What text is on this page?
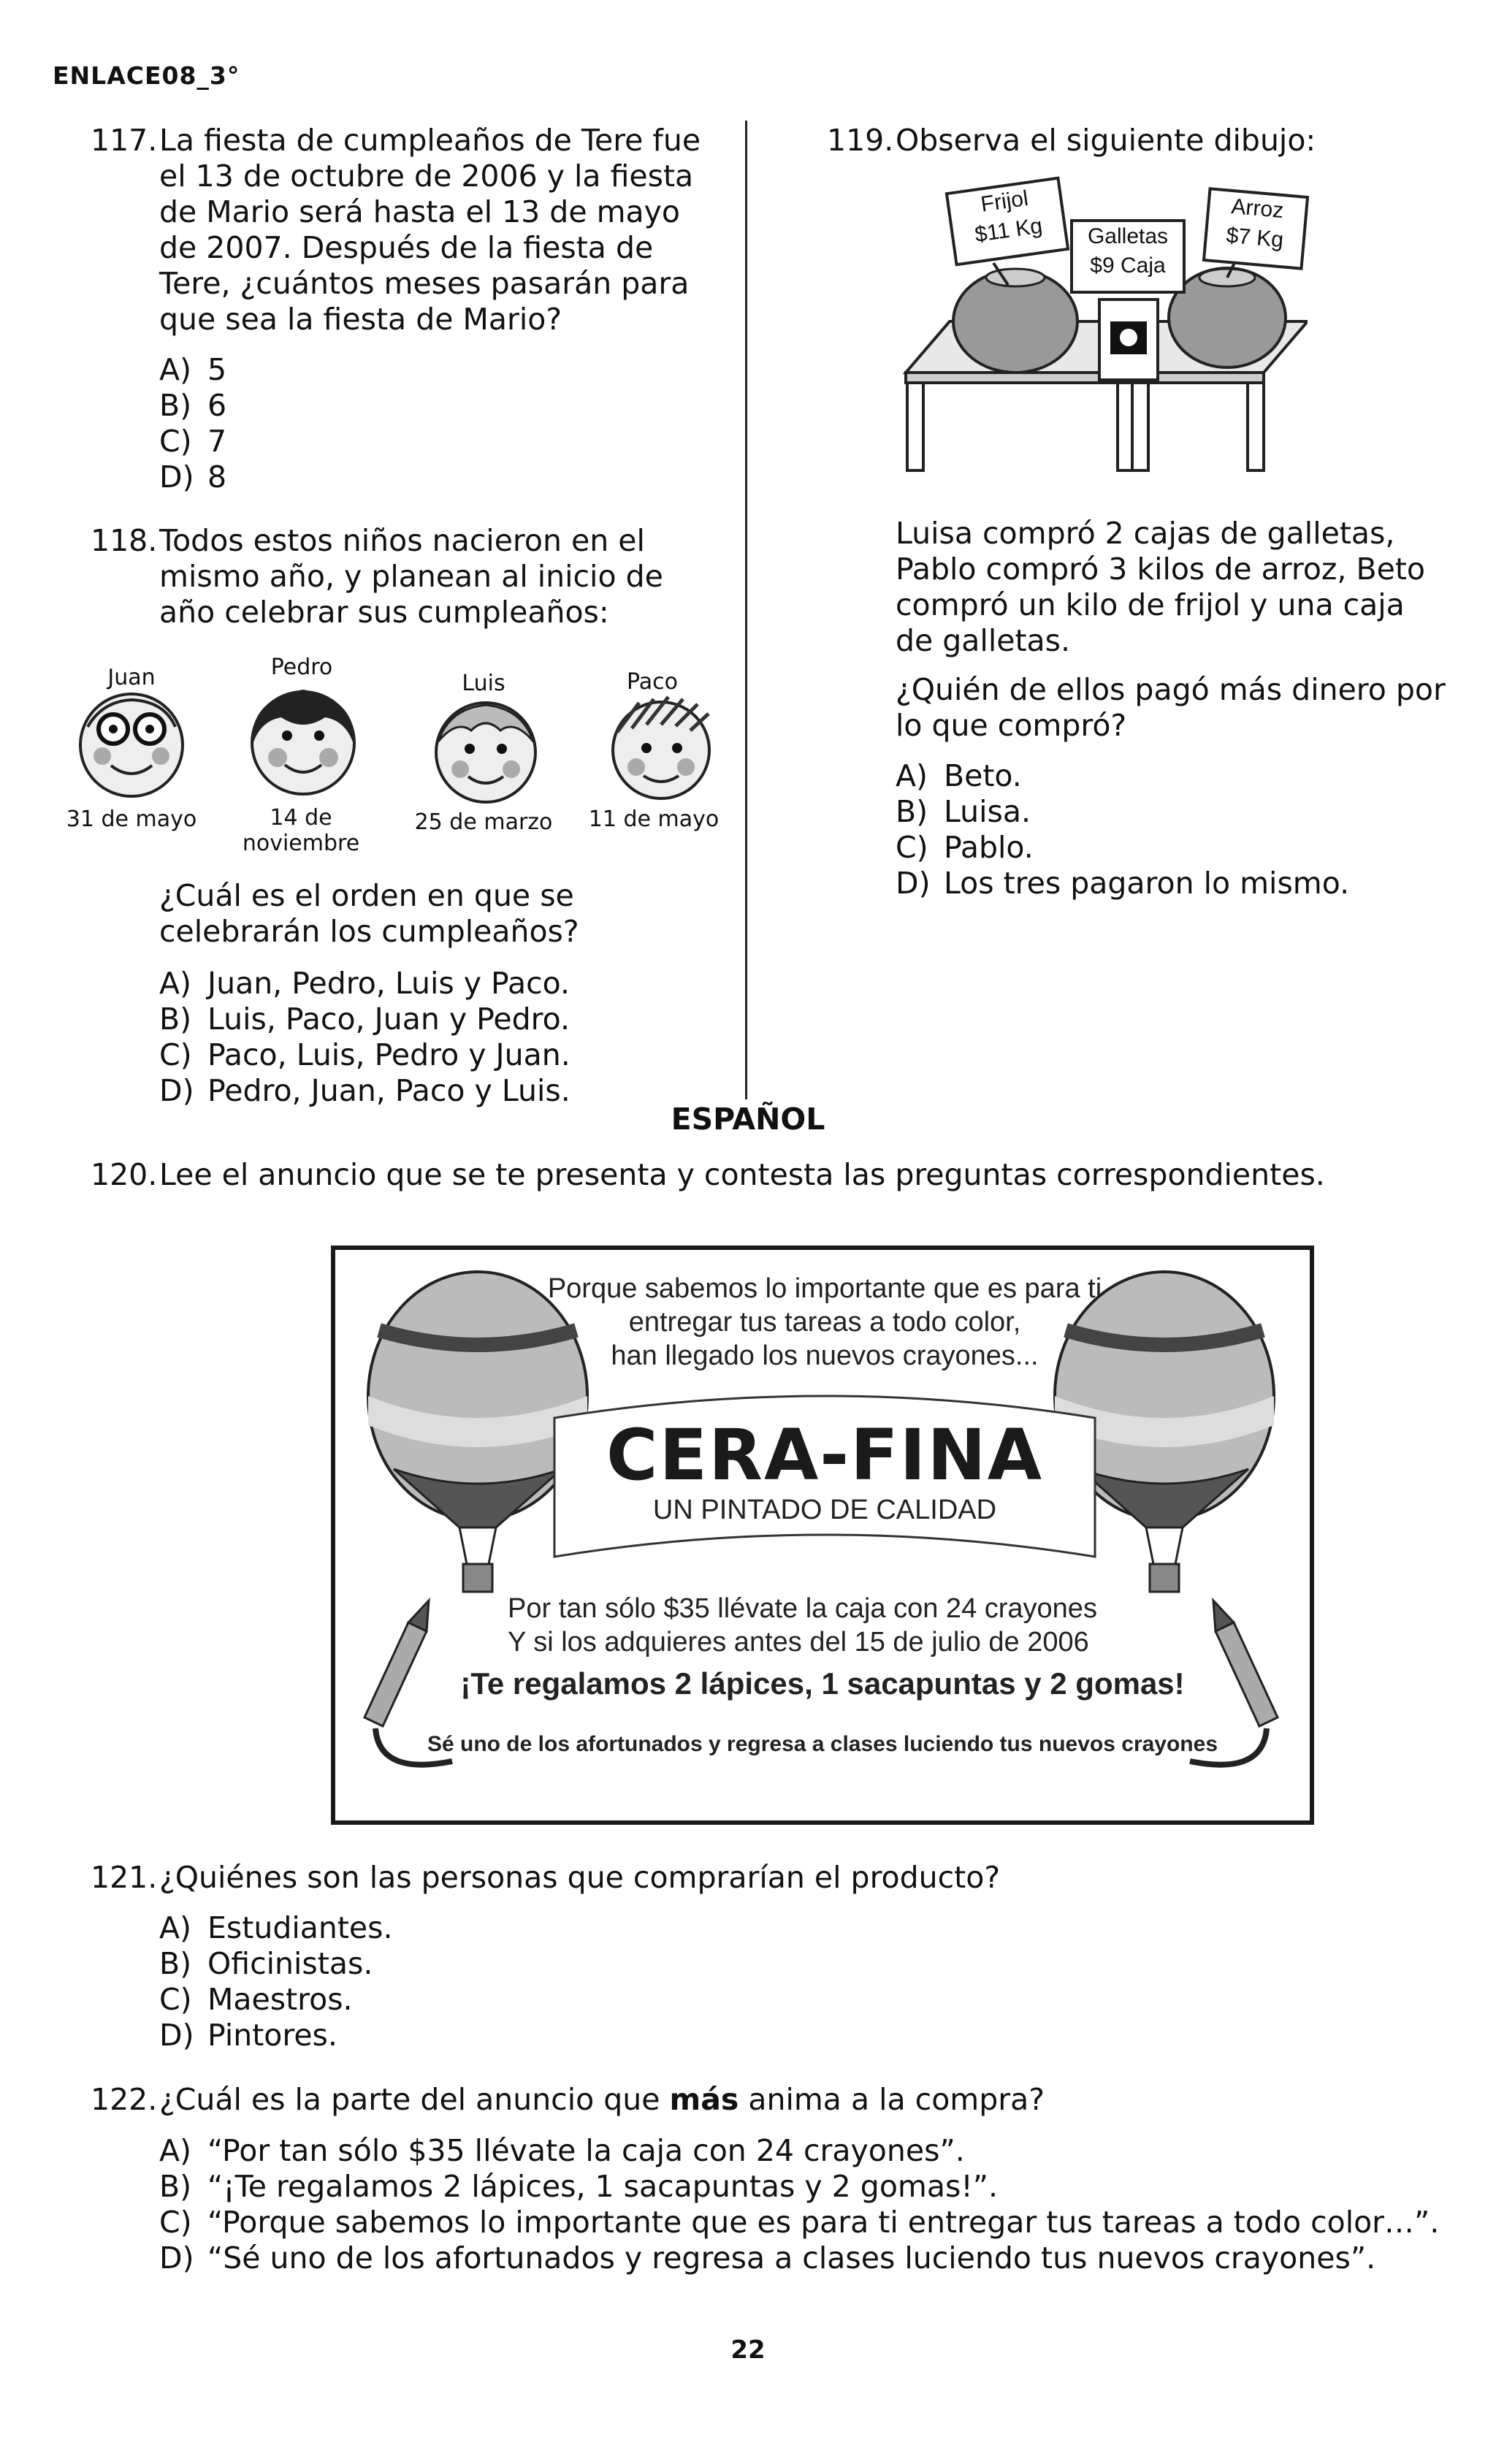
ENLACE08_3°
117. La fiesta de cumpleaños de Tere fue
el 13 de octubre de 2006 y la fiesta
de Mario será hasta el 13 de mayo
de 2007. Después de la fiesta de
Tere, ¿cuántos meses pasarán para
que sea la fiesta de Mario?
A) 5
B) 6
C) 7
D) 8
118. Todos estos niños nacieron en el
mismo año, y planean al inicio de
año celebrar sus cumpleaños:
Juan	Pedro
Luis	Paco
31 de mayo	14 de noviembre
25 de marzo	11 de mayo
¿Cuál es el orden en que se
celebrarán los cumpleaños?
A) Juan, Pedro, Luis y Paco.
B) Luis, Paco, Juan y Pedro.
C) Paco, Luis, Pedro y Juan.
D) Pedro, Juan, Paco y Luis.
119. Observa el siguiente dibujo:
Frijol
$11 Kg	Galletas
$9 Caja
Arroz
$7 Kg
Luisa compró 2 cajas de galletas,
Pablo compró 3 kilos de arroz, Beto
compró un kilo de frijol y una caja
de galletas.
¿Quién de ellos pagó más dinero por
lo que compró?
A) Beto.
B) Luisa.
C) Pablo.
D) Los tres pagaron lo mismo.
ESPAÑOL
120. Lee el anuncio que se te presenta y contesta las preguntas correspondientes.
Porque sabemos lo importante que es para ti
entregar tus tareas a todo color,
han llegado los nuevos crayones...
CERA-FINA
UN PINTADO DE CALIDAD
Por tan sólo $35 llévate la caja con 24 crayones
Y si los adquieres antes del 15 de julio de 2006
¡Te regalamos 2 lápices, 1 sacapuntas y 2 gomas!
Sé uno de los afortunados y regresa a clases luciendo tus nuevos crayones
121. ¿Quiénes son las personas que comprarían el producto?
A) Estudiantes.
B) Oficinistas.
C) Maestros.
D) Pintores.
122. ¿Cuál es la parte del anuncio que más anima a la compra?
A) “Por tan sólo $35 llévate la caja con 24 crayones”.
B) “¡Te regalamos 2 lápices, 1 sacapuntas y 2 gomas!”.
C) “Porque sabemos lo importante que es para ti entregar tus tareas a todo color…”.
D) “Sé uno de los afortunados y regresa a clases luciendo tus nuevos crayones”.
22
